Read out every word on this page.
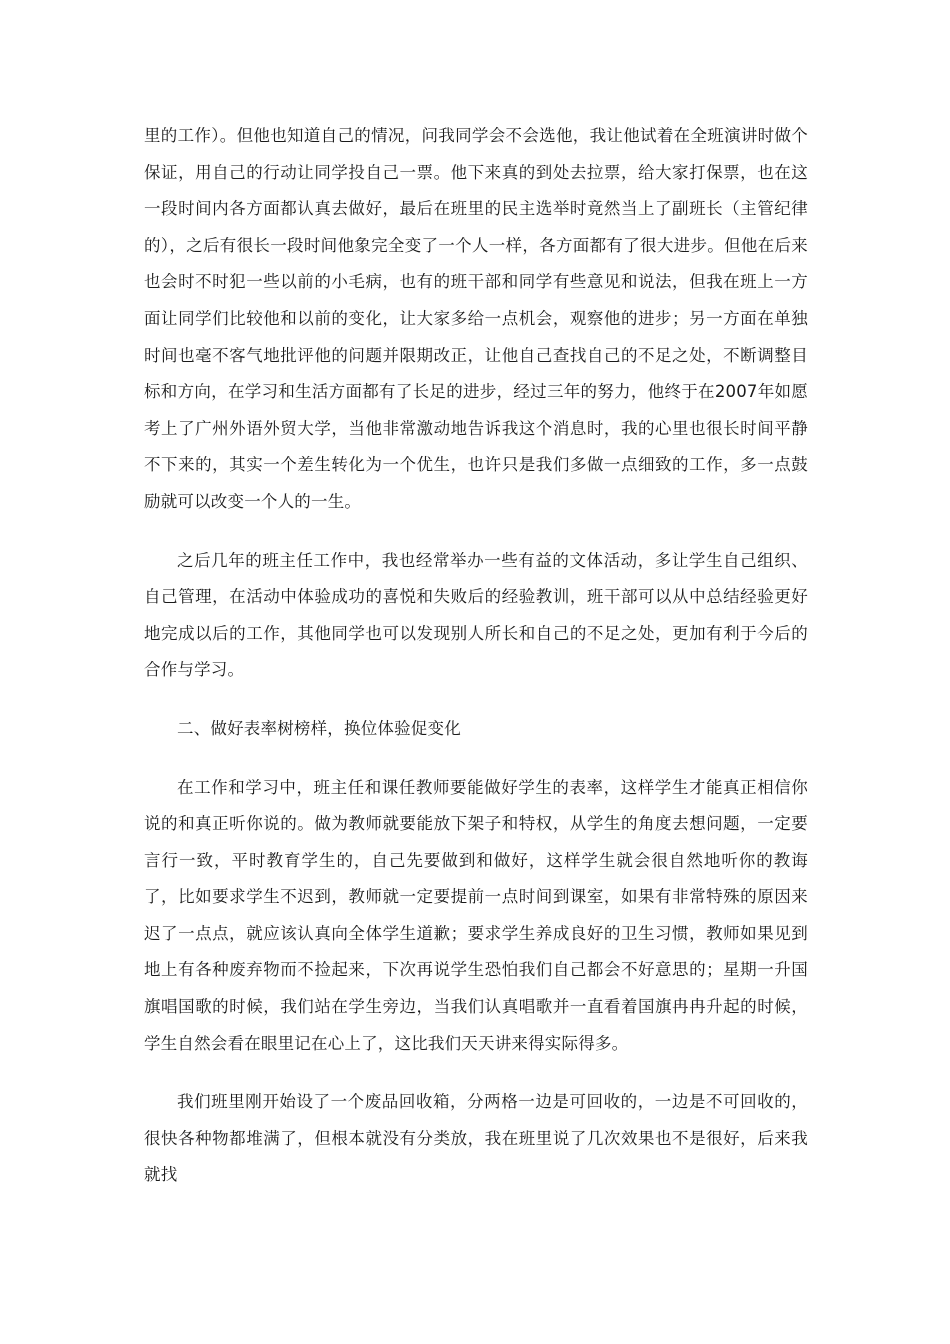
里的工作）。但他也知道自己的情况，问我同学会不会选他，我让他试着在全班演讲时做个保证，用自己的行动让同学投自己一票。他下来真的到处去拉票，给大家打保票，也在这一段时间内各方面都认真去做好，最后在班里的民主选举时竟然当上了副班长（主管纪律的），之后有很长一段时间他象完全变了一个人一样，各方面都有了很大进步。但他在后来也会时不时犯一些以前的小毛病，也有的班干部和同学有些意见和说法，但我在班上一方面让同学们比较他和以前的变化，让大家多给一点机会，观察他的进步；另一方面在单独时间也毫不客气地批评他的问题并限期改正，让他自己查找自己的不足之处，不断调整目标和方向，在学习和生活方面都有了长足的进步，经过三年的努力，他终于在2007年如愿考上了广州外语外贸大学，当他非常激动地告诉我这个消息时，我的心里也很长时间平静不下来的，其实一个差生转化为一个优生，也许只是我们多做一点细致的工作，多一点鼓励就可以改变一个人的一生。

之后几年的班主任工作中，我也经常举办一些有益的文体活动，多让学生自己组织、自己管理，在活动中体验成功的喜悦和失败后的经验教训，班干部可以从中总结经验更好地完成以后的工作，其他同学也可以发现别人所长和自己的不足之处，更加有利于今后的合作与学习。

二、做好表率树榜样，换位体验促变化

在工作和学习中，班主任和课任教师要能做好学生的表率，这样学生才能真正相信你说的和真正听你说的。做为教师就要能放下架子和特权，从学生的角度去想问题，一定要言行一致，平时教育学生的，自己先要做到和做好，这样学生就会很自然地听你的教诲了，比如要求学生不迟到，教师就一定要提前一点时间到课室，如果有非常特殊的原因来迟了一点点，就应该认真向全体学生道歉；要求学生养成良好的卫生习惯，教师如果见到地上有各种废弃物而不捡起来，下次再说学生恐怕我们自己都会不好意思的；星期一升国旗唱国歌的时候，我们站在学生旁边，当我们认真唱歌并一直看着国旗冉冉升起的时候，学生自然会看在眼里记在心上了，这比我们天天讲来得实际得多。

我们班里刚开始设了一个废品回收箱，分两格一边是可回收的，一边是不可回收的，很快各种物都堆满了，但根本就没有分类放，我在班里说了几次效果也不是很好，后来我就找
